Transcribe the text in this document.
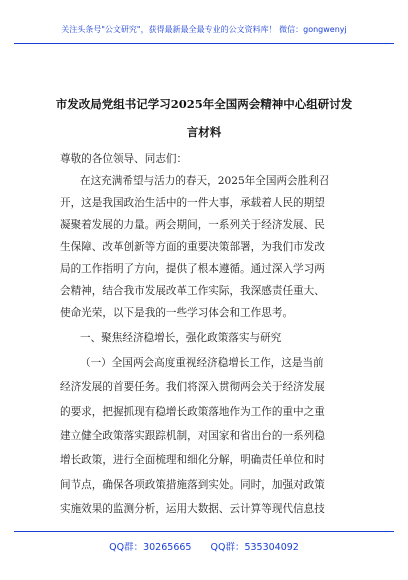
关注头条号"公文研究"，获得最新最全最专业的公文资料库！ 微信：gongwenyj
市发改局党组书记学习2025年全国两会精神中心组研讨发
言材料
尊敬的各位领导、同志们：
在这充满希望与活力的春天，2025年全国两会胜利召
开，这是我国政治生活中的一件大事，承载着人民的期望
凝聚着发展的力量。两会期间，一系列关于经济发展、民
生保障、改革创新等方面的重要决策部署，为我们市发改
局的工作指明了方向，提供了根本遵循。通过深入学习两
会精神，结合我市发展改革工作实际，我深感责任重大、
使命光荣，以下是我的一些学习体会和工作思考。
一、聚焦经济稳增长，强化政策落实与研究
（一）全国两会高度重视经济稳增长工作，这是当前
经济发展的首要任务。我们将深入贯彻两会关于经济发展
的要求，把握抓现有稳增长政策落地作为工作的重中之重
建立健全政策落实跟踪机制，对国家和省出台的一系列稳
增长政策，进行全面梳理和细化分解，明确责任单位和时
间节点，确保各项政策措施落到实处。同时，加强对政策
实施效果的监测分析，运用大数据、云计算等现代信息技
QQ群：30265665 QQ群：535304092
